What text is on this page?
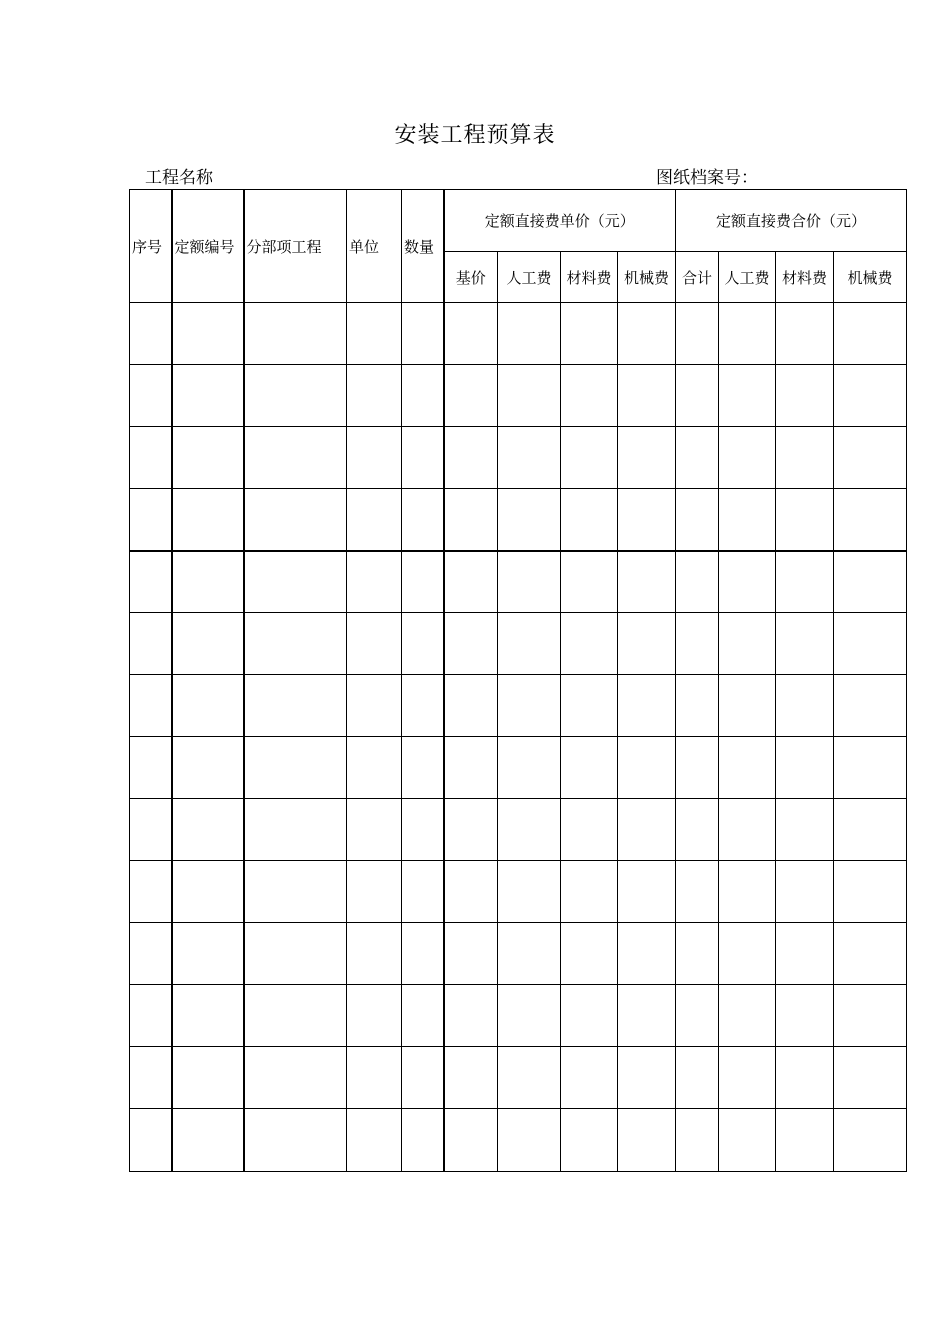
安装工程预算表
工程名称	图纸档案号：
序号	定额编号	分部项工程	单位	数量	定额直接费单价（元）				定额直接费合价（元）			
					基价	人工费	材料费	机械费	合计	人工费	材料费	机械费
